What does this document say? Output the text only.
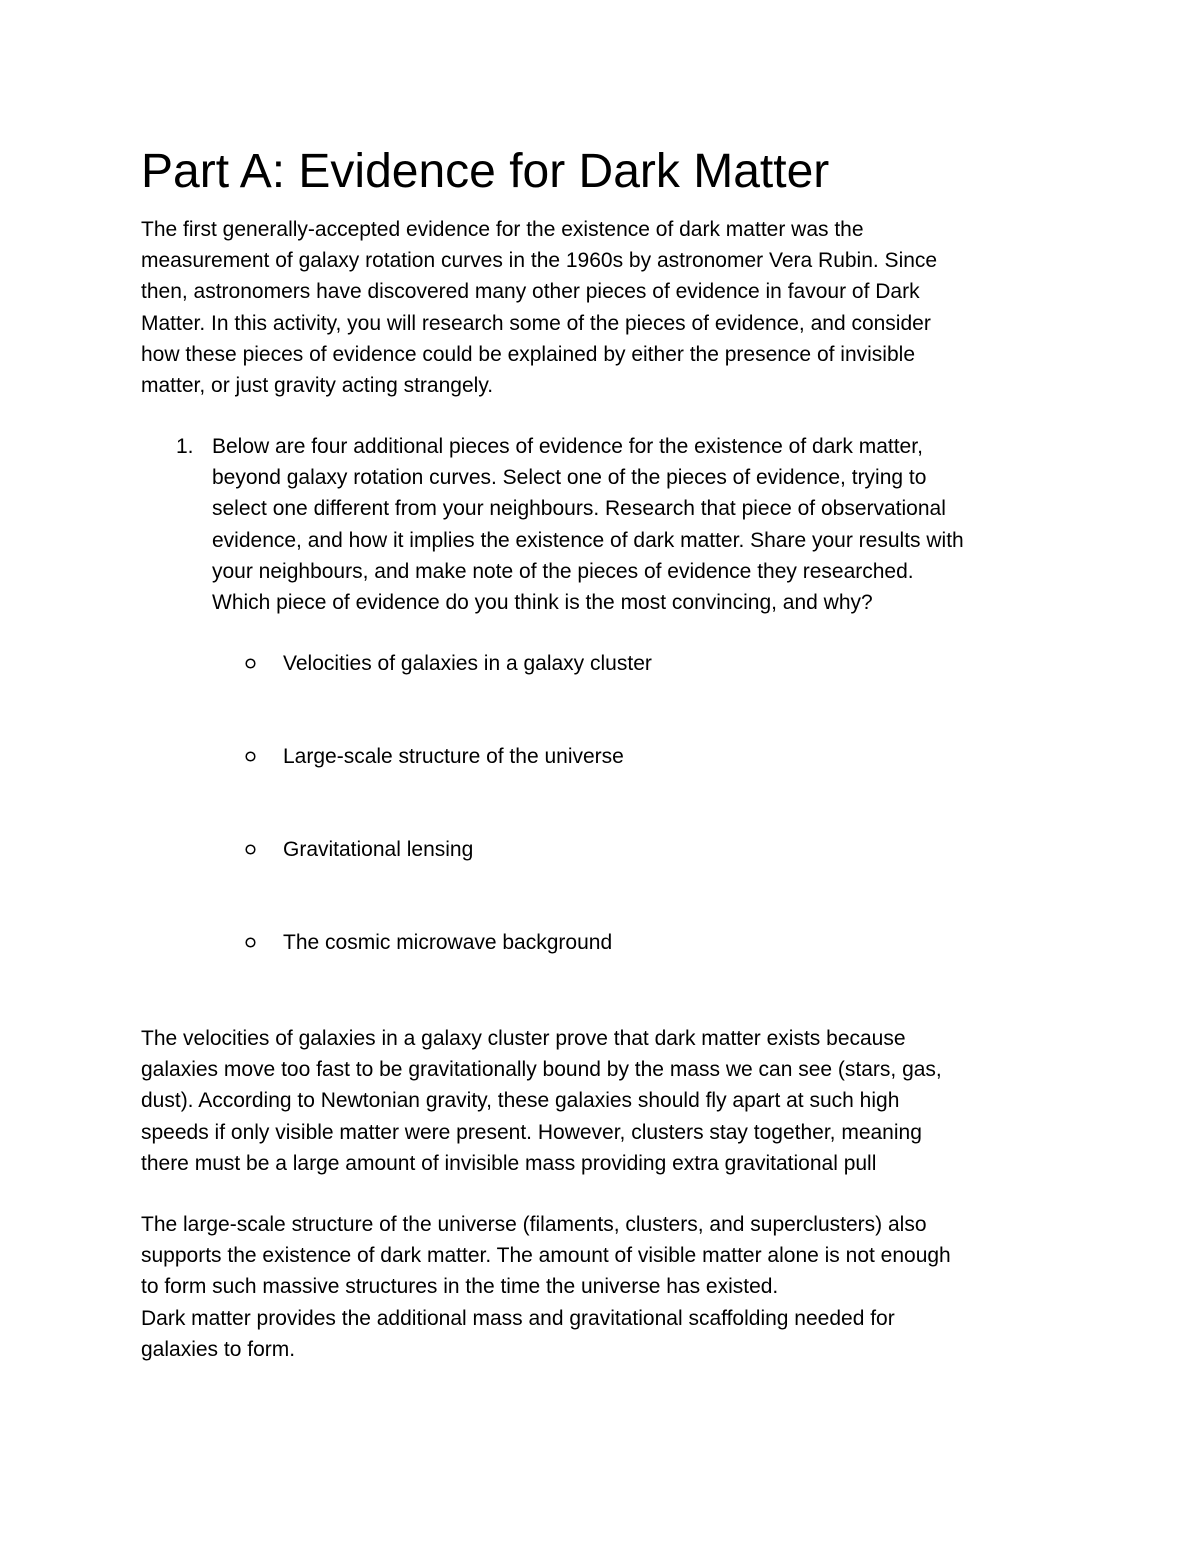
Part A: Evidence for Dark Matter
The first generally-accepted evidence for the existence of dark matter was the
measurement of galaxy rotation curves in the 1960s by astronomer Vera Rubin. Since
then, astronomers have discovered many other pieces of evidence in favour of Dark
Matter. In this activity, you will research some of the pieces of evidence, and consider
how these pieces of evidence could be explained by either the presence of invisible
matter, or just gravity acting strangely.
1. Below are four additional pieces of evidence for the existence of dark matter,
beyond galaxy rotation curves. Select one of the pieces of evidence, trying to
select one different from your neighbours. Research that piece of observational
evidence, and how it implies the existence of dark matter. Share your results with
your neighbours, and make note of the pieces of evidence they researched.
Which piece of evidence do you think is the most convincing, and why?
Velocities of galaxies in a galaxy cluster
Large-scale structure of the universe
Gravitational lensing
The cosmic microwave background
The velocities of galaxies in a galaxy cluster prove that dark matter exists because
galaxies move too fast to be gravitationally bound by the mass we can see (stars, gas,
dust). According to Newtonian gravity, these galaxies should fly apart at such high
speeds if only visible matter were present. However, clusters stay together, meaning
there must be a large amount of invisible mass providing extra gravitational pull
The large-scale structure of the universe (filaments, clusters, and superclusters) also
supports the existence of dark matter. The amount of visible matter alone is not enough
to form such massive structures in the time the universe has existed.
Dark matter provides the additional mass and gravitational scaffolding needed for
galaxies to form.
